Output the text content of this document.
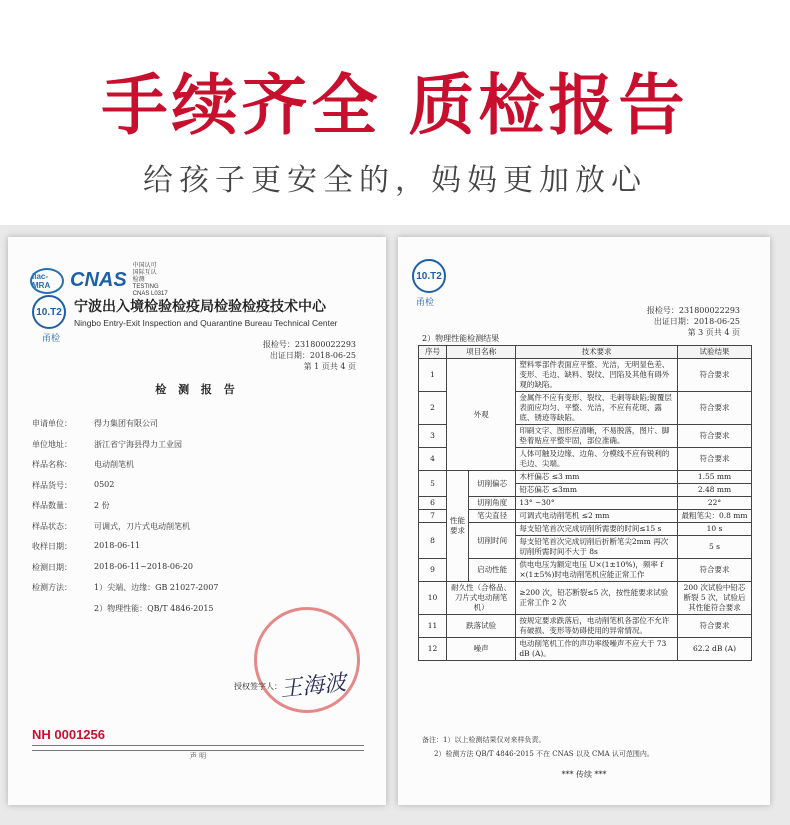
手续齐全 质检报告
给孩子更安全的，妈妈更加放心
ilac-MRA CNAS
中国认可
国际互认
检测
TESTING
CNAS L0317
10.T2 宁波出入境检验检疫局检验检疫技术中心
Ningbo Entry-Exit Inspection and Quarantine Bureau Technical Center
甬检
报检号：231800022293
出证日期：2018-06-25
第 1 页共 4 页
检 测 报 告
申请单位：	得力集团有限公司
单位地址：	浙江省宁海县得力工业园
样品名称：	电动削笔机
样品货号：	0502
样品数量：	2 份
样品状态：	可调式，刀片式电动削笔机
收样日期：	2018-06-11
检测日期：	2018-06-11~2018-06-20
检测方法：	1）尖端、边缘：GB 21027-2007
2）物理性能：QB/T 4846-2015
授权签字人：
王海波
NH 0001256
声 明
10.T2
甬检
报检号：231800022293
出证日期：2018-06-25
第 3 页共 4 页
2）物理性能检测结果
序号	项目名称		技术要求	试验结果
1	外观		塑料零部件表面应平整、光洁，无明显色差、变形、毛边、缺料、裂纹、凹陷及其他有碍外观的缺陷。	符合要求
2			金属件不应有变形、裂纹、毛刺等缺陷;镀覆层表面应均匀、平整、光洁，不应有花斑、露底、锈迹等缺陷。	符合要求
3			印刷文字、图形应清晰，不易脱落，图片、脚垫着贴应平整牢固，部位准确。	符合要求
4			人体可触及边缘、边角、分模线不应有锐利的毛边、尖端。	符合要求
5	性能要求	切削偏芯	木杆偏芯 ≤3 mm	1.55 mm
			铅芯偏芯 ≤3mm	2.48 mm
6		切削角度	13° ~30°	22°
7		笔尖直径	可调式电动削笔机 ≤2 mm	最粗笔尖：0.8 mm
8		切削时间	每支铅笔首次完成切削所需要的时间≤15 s	10 s
			每支铅笔首次完成切削后折断笔尖2mm 再次切削所需时间不大于 8s	5 s
9		启动性能	供电电压为额定电压 U×(1±10%)，频率 f ×(1±5%)时电动削笔机应能正常工作	符合要求
10	耐久性（合格品、刀片式电动削笔机）		≥200 次，铅芯断裂≤5 次，按性能要求试验正常工作 2 次	200 次试验中铅芯断裂 5 次，试验后其性能符合要求
11	跌落试验		按规定要求跌落后，电动削笔机各部位不允许有破损、变形等妨碍使用的异常情况。	符合要求
12	噪声		电动削笔机工作的声功率级噪声不应大于 73 dB (A)。	62.2 dB (A)
备注：1）以上检测结果仅对来样负责。
2）检测方法 QB/T 4846-2015 不在 CNAS 以及 CMA 认可范围内。
*** 传续 ***
